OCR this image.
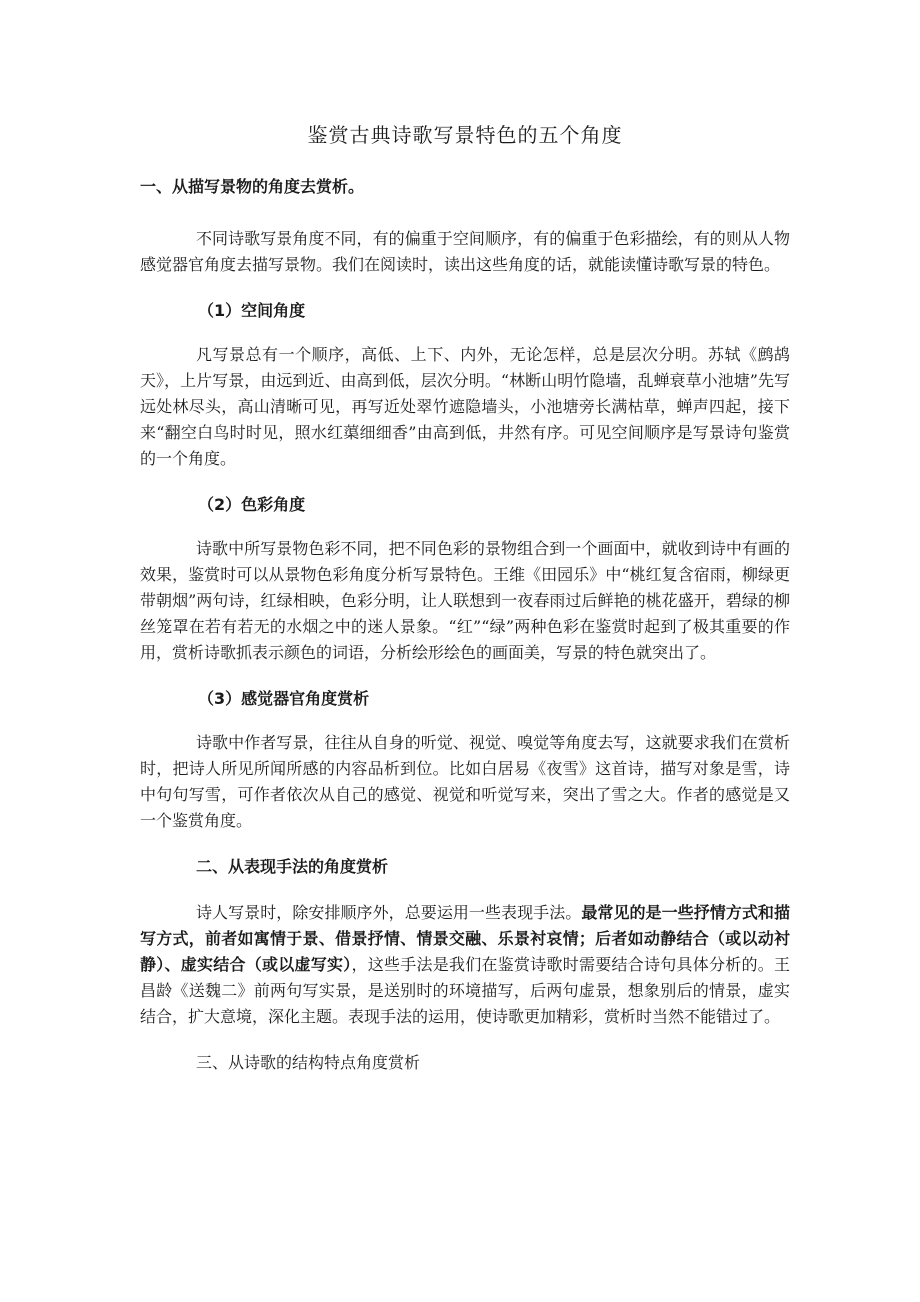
鉴赏古典诗歌写景特色的五个角度
一、从描写景物的角度去赏析。

不同诗歌写景角度不同，有的偏重于空间顺序，有的偏重于色彩描绘，有的则从人物感觉器官角度去描写景物。我们在阅读时，读出这些角度的话，就能读懂诗歌写景的特色。

（1）空间角度

凡写景总有一个顺序，高低、上下、内外，无论怎样，总是层次分明。苏轼《鹧鸪天》，上片写景，由远到近、由高到低，层次分明。“林断山明竹隐墙，乱蝉衰草小池塘”先写远处林尽头，高山清晰可见，再写近处翠竹遮隐墙头，小池塘旁长满枯草，蝉声四起，接下来“翻空白鸟时时见，照水红蕖细细香”由高到低，井然有序。可见空间顺序是写景诗句鉴赏的一个角度。

（2）色彩角度

诗歌中所写景物色彩不同，把不同色彩的景物组合到一个画面中，就收到诗中有画的效果，鉴赏时可以从景物色彩角度分析写景特色。王维《田园乐》中“桃红复含宿雨，柳绿更带朝烟”两句诗，红绿相映，色彩分明，让人联想到一夜春雨过后鲜艳的桃花盛开，碧绿的柳丝笼罩在若有若无的水烟之中的迷人景象。“红”“绿”两种色彩在鉴赏时起到了极其重要的作用，赏析诗歌抓表示颜色的词语，分析绘形绘色的画面美，写景的特色就突出了。

（3）感觉器官角度赏析

诗歌中作者写景，往往从自身的听觉、视觉、嗅觉等角度去写，这就要求我们在赏析时，把诗人所见所闻所感的内容品析到位。比如白居易《夜雪》这首诗，描写对象是雪，诗中句句写雪，可作者依次从自己的感觉、视觉和听觉写来，突出了雪之大。作者的感觉是又一个鉴赏角度。

二、从表现手法的角度赏析

诗人写景时，除安排顺序外，总要运用一些表现手法。最常见的是一些抒情方式和描写方式，前者如寓情于景、借景抒情、情景交融、乐景衬哀情；后者如动静结合（或以动衬静）、虚实结合（或以虚写实），这些手法是我们在鉴赏诗歌时需要结合诗句具体分析的。王昌龄《送魏二》前两句写实景，是送别时的环境描写，后两句虚景，想象别后的情景，虚实结合，扩大意境，深化主题。表现手法的运用，使诗歌更加精彩，赏析时当然不能错过了。

三、从诗歌的结构特点角度赏析
